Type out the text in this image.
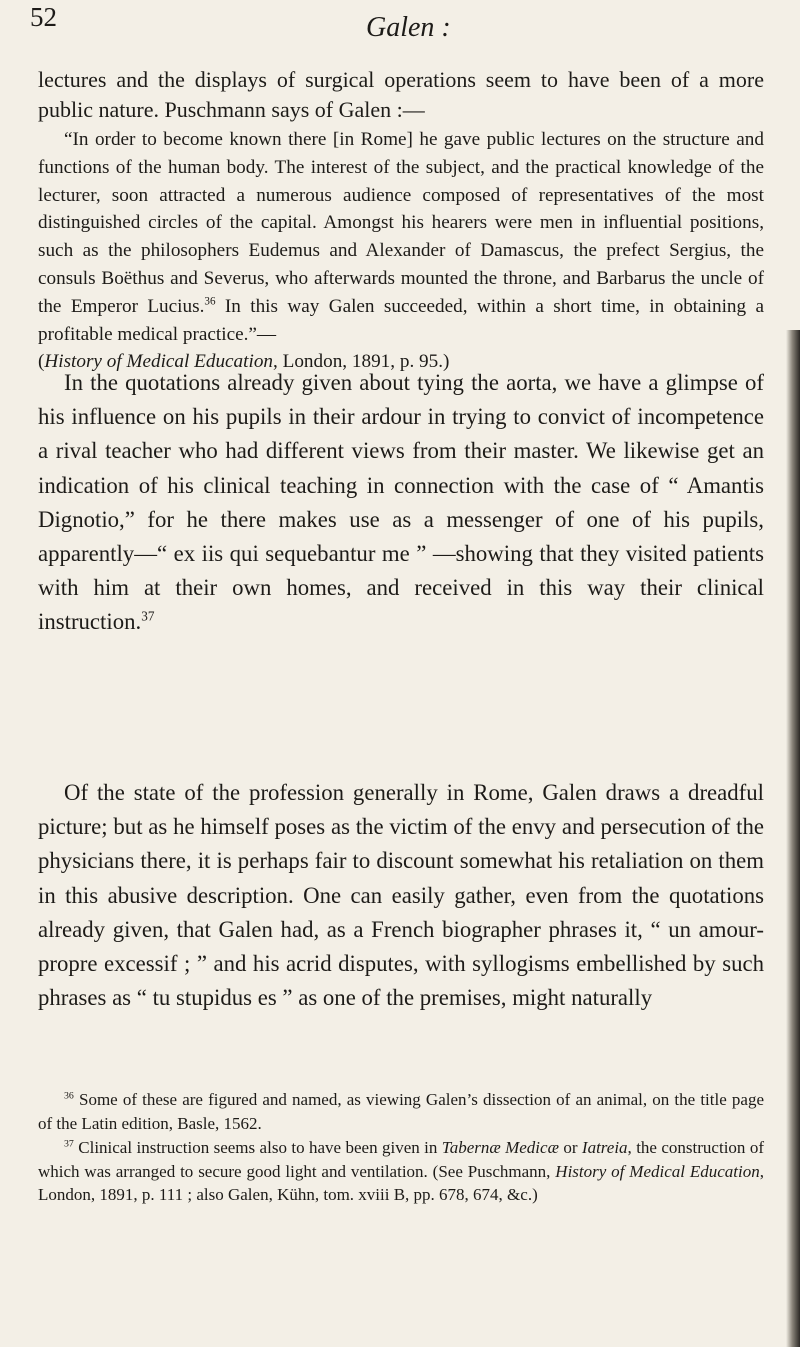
52	Galen :

lectures and the displays of surgical operations seem to have been of a more public nature. Puschmann says of Galen :—

“In order to become known there [in Rome] he gave public lectures on the structure and functions of the human body. The interest of the subject, and the practical knowledge of the lecturer, soon attracted a numerous audience composed of representatives of the most distinguished circles of the capital. Amongst his hearers were men in influential positions, such as the philosophers Eudemus and Alexander of Damascus, the prefect Sergius, the consuls Boëthus and Severus, who afterwards mounted the throne, and Barbarus the uncle of the Emperor Lucius.$^{36}$ In this way Galen succeeded, within a short time, in obtaining a profitable medical practice.”—
(History of Medical Education, London, 1891, p. 95.)

In the quotations already given about tying the aorta, we have a glimpse of his influence on his pupils in their ardour in trying to convict of incompetence a rival teacher who had different views from their master. We likewise get an indication of his clinical teaching in connection with the case of “ Amantis Dignotio,” for he there makes use as a messenger of one of his pupils, apparently—“ ex iis qui sequebantur me ” —showing that they visited patients with him at their own homes, and received in this way their clinical instruction.$^{37}$

Of the state of the profession generally in Rome, Galen draws a dreadful picture; but as he himself poses as the victim of the envy and persecution of the physicians there, it is perhaps fair to discount somewhat his retaliation on them in this abusive description. One can easily gather, even from the quotations already given, that Galen had, as a French biographer phrases it, “ un amour-propre excessif ; ” and his acrid disputes, with syllogisms embellished by such phrases as “ tu stupidus es ” as one of the premises, might naturally

$^{36}$ Some of these are figured and named, as viewing Galen’s dissection of an animal, on the title page of the Latin edition, Basle, 1562.

$^{37}$ Clinical instruction seems also to have been given in Tabernæ Medicæ or Iatreia, the construction of which was arranged to secure good light and ventilation. (See Puschmann, History of Medical Education, London, 1891, p. 111 ; also Galen, Kühn, tom. xviii B, pp. 678, 674, &c.)
